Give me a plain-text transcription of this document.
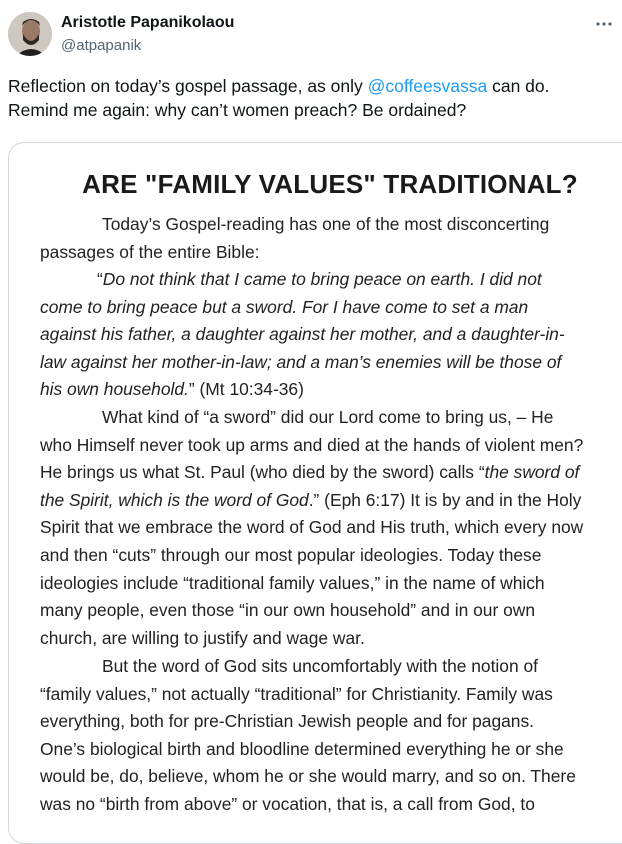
Aristotle Papanikolaou
@atpapanik
Reflection on today’s gospel passage, as only @coffeesvassa can do.
Remind me again: why can’t women preach? Be ordained?
ARE "FAMILY VALUES" TRADITIONAL?
Today’s Gospel-reading has one of the most disconcerting
passages of the entire Bible:
“Do not think that I came to bring peace on earth. I did not
come to bring peace but a sword. For I have come to set a man
against his father, a daughter against her mother, and a daughter-in-
law against her mother-in-law; and a man’s enemies will be those of
his own household.” (Mt 10:34-36)
What kind of “a sword” did our Lord come to bring us, – He
who Himself never took up arms and died at the hands of violent men?
He brings us what St. Paul (who died by the sword) calls “the sword of
the Spirit, which is the word of God.” (Eph 6:17) It is by and in the Holy
Spirit that we embrace the word of God and His truth, which every now
and then “cuts” through our most popular ideologies. Today these
ideologies include “traditional family values,” in the name of which
many people, even those “in our own household” and in our own
church, are willing to justify and wage war.
But the word of God sits uncomfortably with the notion of
“family values,” not actually “traditional” for Christianity. Family was
everything, both for pre-Christian Jewish people and for pagans.
One’s biological birth and bloodline determined everything he or she
would be, do, believe, whom he or she would marry, and so on. There
was no “birth from above” or vocation, that is, a call from God, to
